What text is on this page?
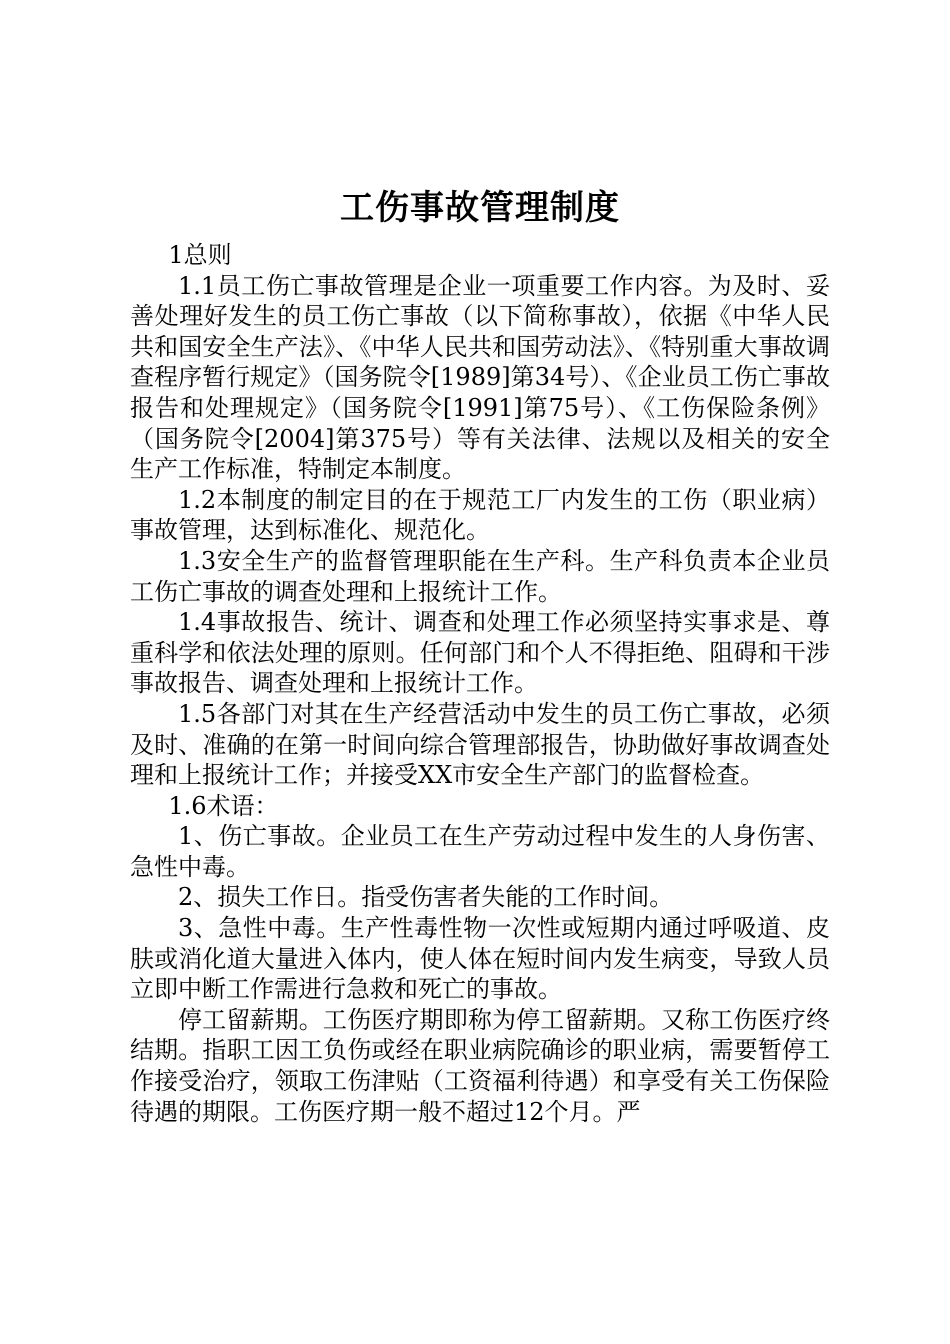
工伤事故管理制度

1总则

1.1员工伤亡事故管理是企业一项重要工作内容。为及时、妥善处理好发生的员工伤亡事故（以下简称事故），依据《中华人民共和国安全生产法》、《中华人民共和国劳动法》、《特别重大事故调查程序暂行规定》（国务院令[1989]第34号）、《企业员工伤亡事故报告和处理规定》（国务院令[1991]第75号）、《工伤保险条例》（国务院令[2004]第375号）等有关法律、法规以及相关的安全生产工作标准，特制定本制度。

1.2本制度的制定目的在于规范工厂内发生的工伤（职业病）事故管理，达到标准化、规范化。

1.3安全生产的监督管理职能在生产科。生产科负责本企业员工伤亡事故的调查处理和上报统计工作。

1.4事故报告、统计、调查和处理工作必须坚持实事求是、尊重科学和依法处理的原则。任何部门和个人不得拒绝、阻碍和干涉事故报告、调查处理和上报统计工作。

1.5各部门对其在生产经营活动中发生的员工伤亡事故，必须及时、准确的在第一时间向综合管理部报告，协助做好事故调查处理和上报统计工作；并接受XX市安全生产部门的监督检查。

1.6术语：

1、伤亡事故。企业员工在生产劳动过程中发生的人身伤害、急性中毒。

2、损失工作日。指受伤害者失能的工作时间。

3、急性中毒。生产性毒性物一次性或短期内通过呼吸道、皮肤或消化道大量进入体内，使人体在短时间内发生病变，导致人员立即中断工作需进行急救和死亡的事故。

停工留薪期。工伤医疗期即称为停工留薪期。又称工伤医疗终结期。指职工因工负伤或经在职业病院确诊的职业病，需要暂停工作接受治疗，领取工伤津贴（工资福利待遇）和享受有关工伤保险待遇的期限。工伤医疗期一般不超过12个月。严
